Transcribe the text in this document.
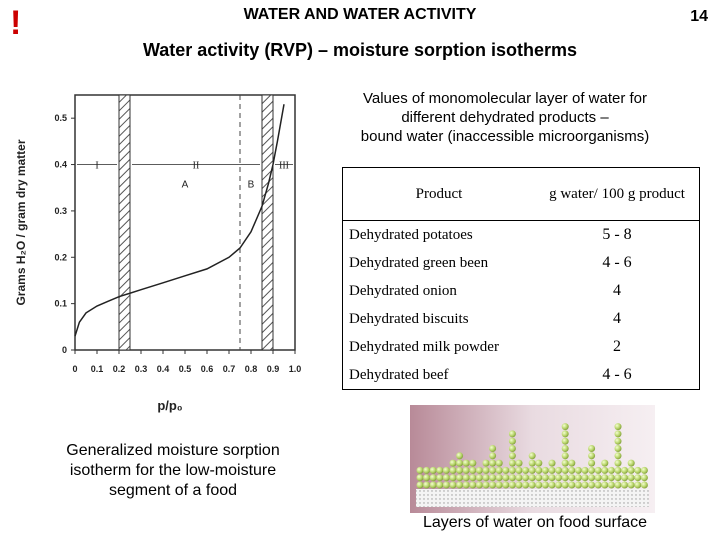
!	WATER AND WATER ACTIVITY	14
Water activity (RVP) – moisture sorption isotherms
I	II	III
A	B
0
0.1
0.2
0.3
0.4
0.5
0 0.1 0.2 0.3 0.4 0.5 0.6 0.7 0.8 0.9 1.0
p/p₀
Grams H₂O / gram dry matter
Values of monomolecular layer of water for
different dehydrated products –
bound water (inaccessible microorganisms)
Product	g water/ 100 g product
Dehydrated potatoes	5 - 8
Dehydrated green been	4 - 6
Dehydrated onion	4
Dehydrated biscuits	4
Dehydrated milk powder	2
Dehydrated beef	4 - 6
Generalized moisture sorption
isotherm for the low-moisture
segment of a food
Layers of water on food surface
